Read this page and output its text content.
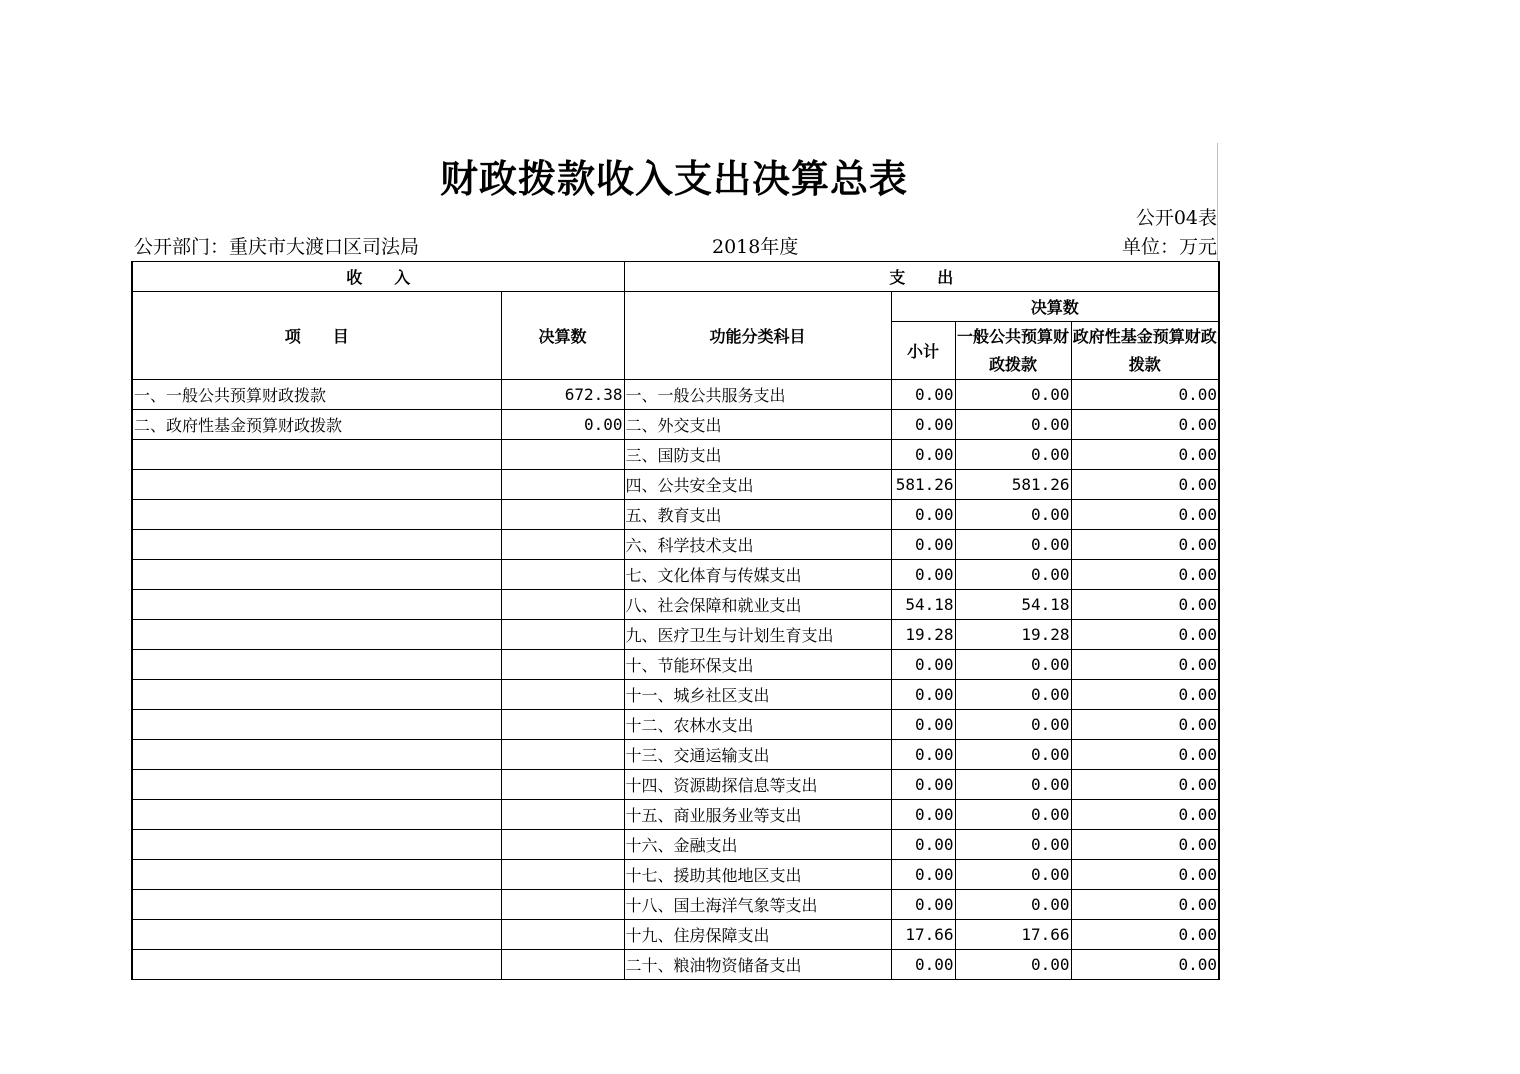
财政拨款收入支出决算总表
公开04表
公开部门：重庆市大渡口区司法局	2018年度	单位：万元
收　　入		支　　出			
项　　目	决算数	功能分类科目	决算数		
			小计	一般公共预算财政拨款	政府性基金预算财政拨款
一、一般公共预算财政拨款	672.38	一、一般公共服务支出	0.00	0.00	0.00
二、政府性基金预算财政拨款	0.00	二、外交支出	0.00	0.00	0.00
		三、国防支出	0.00	0.00	0.00
		四、公共安全支出	581.26	581.26	0.00
		五、教育支出	0.00	0.00	0.00
		六、科学技术支出	0.00	0.00	0.00
		七、文化体育与传媒支出	0.00	0.00	0.00
		八、社会保障和就业支出	54.18	54.18	0.00
		九、医疗卫生与计划生育支出	19.28	19.28	0.00
		十、节能环保支出	0.00	0.00	0.00
		十一、城乡社区支出	0.00	0.00	0.00
		十二、农林水支出	0.00	0.00	0.00
		十三、交通运输支出	0.00	0.00	0.00
		十四、资源勘探信息等支出	0.00	0.00	0.00
		十五、商业服务业等支出	0.00	0.00	0.00
		十六、金融支出	0.00	0.00	0.00
		十七、援助其他地区支出	0.00	0.00	0.00
		十八、国土海洋气象等支出	0.00	0.00	0.00
		十九、住房保障支出	17.66	17.66	0.00
		二十、粮油物资储备支出	0.00	0.00	0.00
